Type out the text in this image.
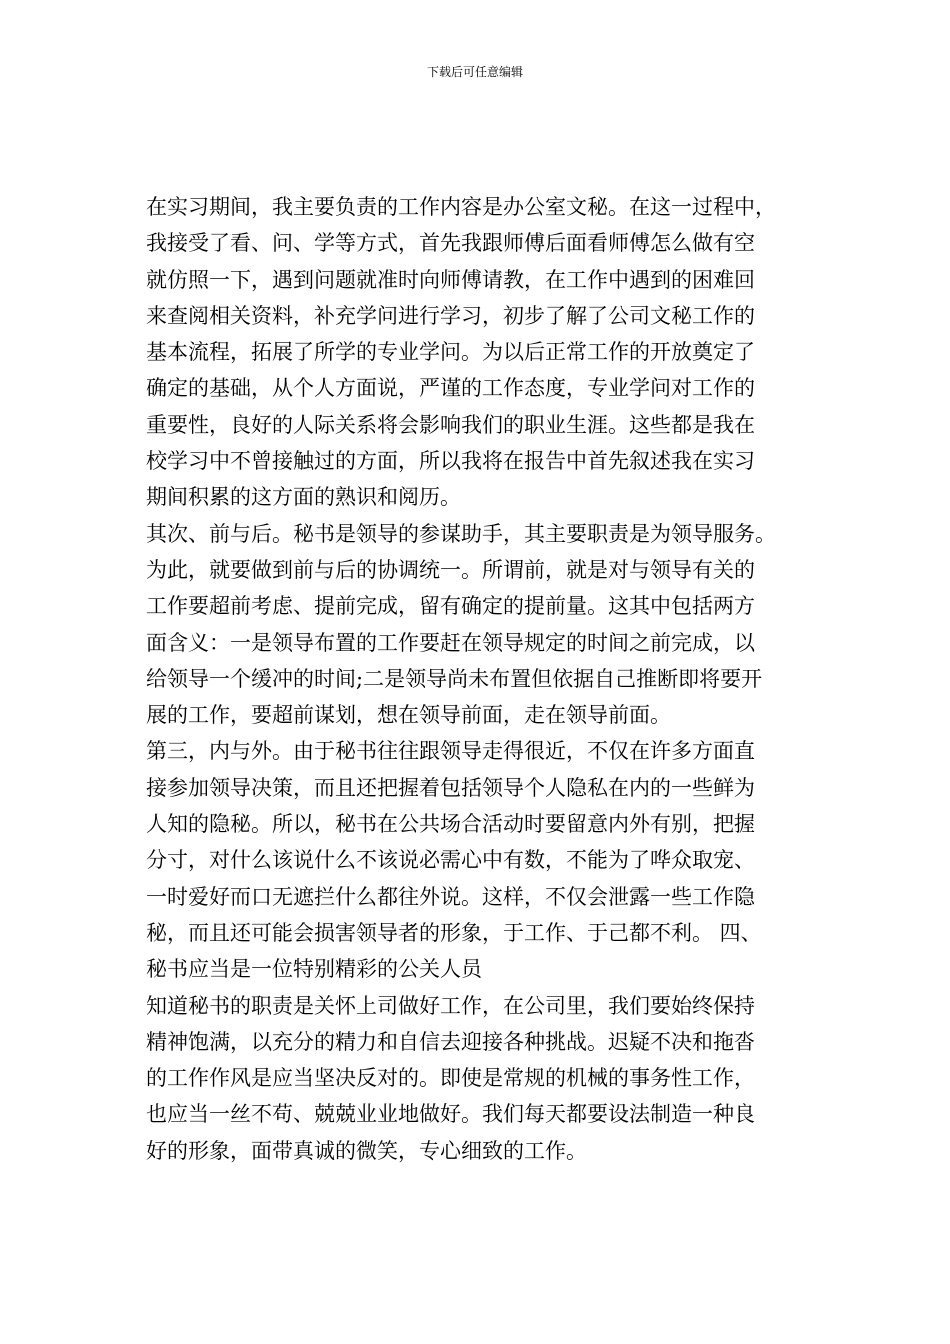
下载后可任意编辑
在实习期间，我主要负责的工作内容是办公室文秘。在这一过程中，
我接受了看、问、学等方式，首先我跟师傅后面看师傅怎么做有空
就仿照一下，遇到问题就准时向师傅请教，在工作中遇到的困难回
来查阅相关资料，补充学问进行学习，初步了解了公司文秘工作的
基本流程，拓展了所学的专业学问。为以后正常工作的开放奠定了
确定的基础，从个人方面说，严谨的工作态度，专业学问对工作的
重要性，良好的人际关系将会影响我们的职业生涯。这些都是我在
校学习中不曾接触过的方面，所以我将在报告中首先叙述我在实习
期间积累的这方面的熟识和阅历。
其次、前与后。秘书是领导的参谋助手，其主要职责是为领导服务。
为此，就要做到前与后的协调统一。所谓前，就是对与领导有关的
工作要超前考虑、提前完成，留有确定的提前量。这其中包括两方
面含义：一是领导布置的工作要赶在领导规定的时间之前完成，以
给领导一个缓冲的时间;二是领导尚未布置但依据自己推断即将要开
展的工作，要超前谋划，想在领导前面，走在领导前面。
第三，内与外。由于秘书往往跟领导走得很近，不仅在许多方面直
接参加领导决策，而且还把握着包括领导个人隐私在内的一些鲜为
人知的隐秘。所以，秘书在公共场合活动时要留意内外有别，把握
分寸，对什么该说什么不该说必需心中有数，不能为了哗众取宠、
一时爱好而口无遮拦什么都往外说。这样，不仅会泄露一些工作隐
秘，而且还可能会损害领导者的形象，于工作、于己都不利。 四、
秘书应当是一位特别精彩的公关人员
知道秘书的职责是关怀上司做好工作，在公司里，我们要始终保持
精神饱满，以充分的精力和自信去迎接各种挑战。迟疑不决和拖沓
的工作作风是应当坚决反对的。即使是常规的机械的事务性工作，
也应当一丝不苟、兢兢业业地做好。我们每天都要设法制造一种良
好的形象，面带真诚的微笑，专心细致的工作。
